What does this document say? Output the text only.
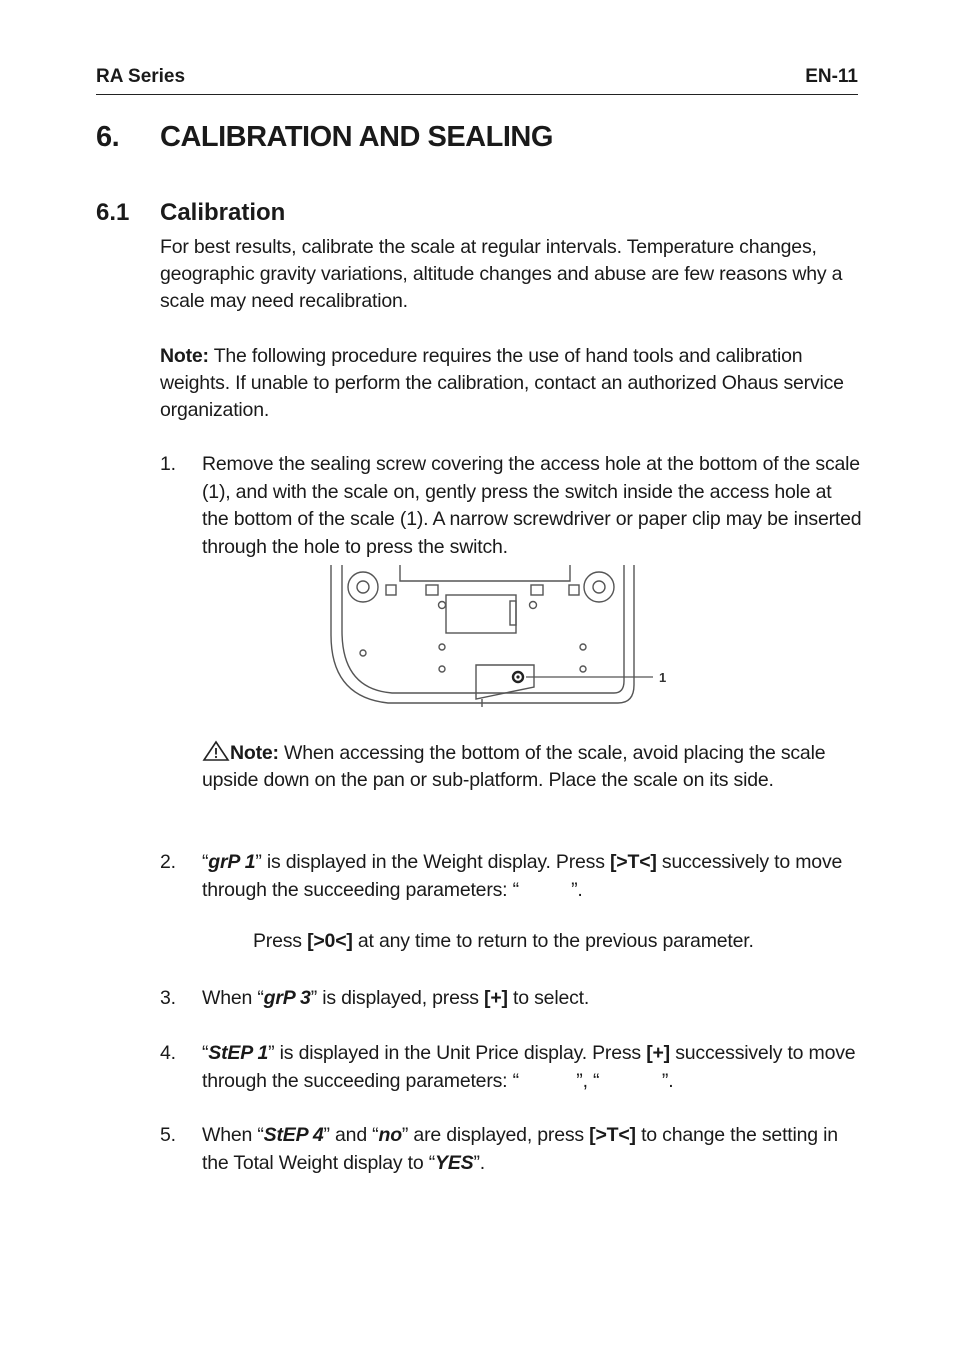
RA Series	EN-11
6. CALIBRATION AND SEALING
6.1 Calibration
For best results, calibrate the scale at regular intervals. Temperature changes, geographic gravity variations, altitude changes and abuse are few reasons why a scale may need recalibration.
Note: The following procedure requires the use of hand tools and calibration weights. If unable to perform the calibration, contact an authorized Ohaus service organization.
1. Remove the sealing screw covering the access hole at the bottom of the scale (1), and with the scale on, gently press the switch inside the access hole at the bottom of the scale (1). A narrow screwdriver or paper clip may be inserted through the hole to press the switch.
1
Note: When accessing the bottom of the scale, avoid placing the scale upside down on the pan or sub-platform. Place the scale on its side.
2. “grP 1” is displayed in the Weight display. Press [>T<] successively to move through the succeeding parameters: “          ”.
Press [>0<] at any time to return to the previous parameter.
3. When “grP 3” is displayed, press [+] to select.
4. “StEP 1” is displayed in the Unit Price display. Press [+] successively to move through the succeeding parameters: “           ”, “            ”.
5. When “StEP 4” and “no” are displayed, press [>T<] to change the setting in the Total Weight display to “YES”.
